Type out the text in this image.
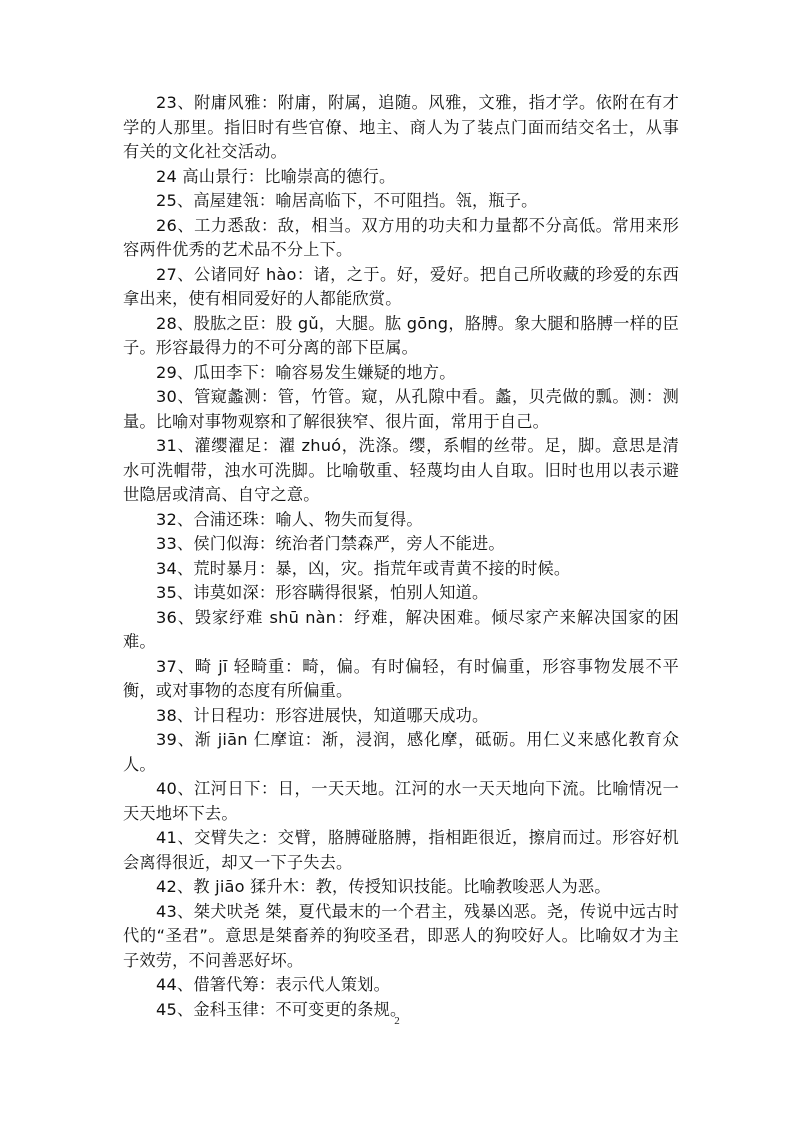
23、附庸风雅：附庸，附属，追随。风雅，文雅，指才学。依附在有才学的人那里。指旧时有些官僚、地主、商人为了装点门面而结交名士，从事有关的文化社交活动。

24 高山景行：比喻崇高的德行。

25、高屋建瓴：喻居高临下，不可阻挡。瓴，瓶子。

26、工力悉敌：敌，相当。双方用的功夫和力量都不分高低。常用来形容两件优秀的艺术品不分上下。

27、公诸同好 hào：诸，之于。好，爱好。把自己所收藏的珍爱的东西拿出来，使有相同爱好的人都能欣赏。

28、股肱之臣：股 gǔ，大腿。肱 gōng，胳膊。象大腿和胳膊一样的臣子。形容最得力的不可分离的部下臣属。

29、瓜田李下：喻容易发生嫌疑的地方。

30、管窥蠡测：管，竹管。窥，从孔隙中看。蠡，贝壳做的瓢。测：测量。比喻对事物观察和了解很狭窄、很片面，常用于自己。

31、灌缨濯足：濯 zhuó，洗涤。缨，系帽的丝带。足，脚。意思是清水可洗帽带，浊水可洗脚。比喻敬重、轻蔑均由人自取。旧时也用以表示避世隐居或清高、自守之意。

32、合浦还珠：喻人、物失而复得。

33、侯门似海：统治者门禁森严，旁人不能进。

34、荒时暴月：暴，凶，灾。指荒年或青黄不接的时候。

35、讳莫如深：形容瞒得很紧，怕别人知道。

36、毁家纾难 shū nàn：纾难，解决困难。倾尽家产来解决国家的困难。

37、畸 jī 轻畸重：畸，偏。有时偏轻，有时偏重，形容事物发展不平衡，或对事物的态度有所偏重。

38、计日程功：形容进展快，知道哪天成功。

39、渐 jiān 仁摩谊：渐，浸润，感化摩，砥砺。用仁义来感化教育众人。

40、江河日下：日，一天天地。江河的水一天天地向下流。比喻情况一天天地坏下去。

41、交臂失之：交臂，胳膊碰胳膊，指相距很近，擦肩而过。形容好机会离得很近，却又一下子失去。

42、教 jiāo 猱升木：教，传授知识技能。比喻教唆恶人为恶。

43、桀犬吠尧 桀，夏代最末的一个君主，残暴凶恶。尧，传说中远古时代的“圣君”。意思是桀畜养的狗咬圣君，即恶人的狗咬好人。比喻奴才为主子效劳，不问善恶好坏。

44、借箸代筹：表示代人策划。

45、金科玉律：不可变更的条规。

2
